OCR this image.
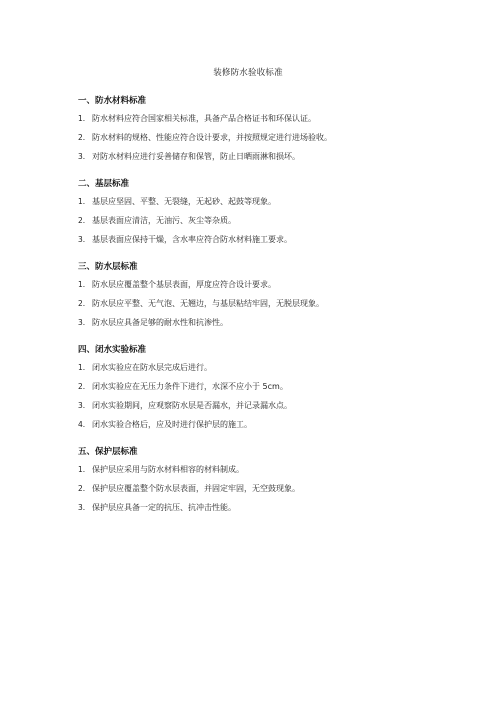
装修防水验收标准
一、防水材料标准
1. 防水材料应符合国家相关标准，具备产品合格证书和环保认证。
2. 防水材料的规格、性能应符合设计要求，并按照规定进行进场验收。
3. 对防水材料应进行妥善储存和保管，防止日晒雨淋和损坏。
二、基层标准
1. 基层应坚固、平整、无裂缝，无起砂、起鼓等现象。
2. 基层表面应清洁，无油污、灰尘等杂质。
3. 基层表面应保持干燥，含水率应符合防水材料施工要求。
三、防水层标准
1. 防水层应覆盖整个基层表面，厚度应符合设计要求。
2. 防水层应平整、无气泡、无翘边，与基层粘结牢固，无脱层现象。
3. 防水层应具备足够的耐水性和抗渗性。
四、闭水实验标准
1. 闭水实验应在防水层完成后进行。
2. 闭水实验应在无压力条件下进行，水深不应小于 5cm。
3. 闭水实验期间，应观察防水层是否漏水，并记录漏水点。
4. 闭水实验合格后，应及时进行保护层的施工。
五、保护层标准
1. 保护层应采用与防水材料相容的材料制成。
2. 保护层应覆盖整个防水层表面，并固定牢固，无空鼓现象。
3. 保护层应具备一定的抗压、抗冲击性能。
